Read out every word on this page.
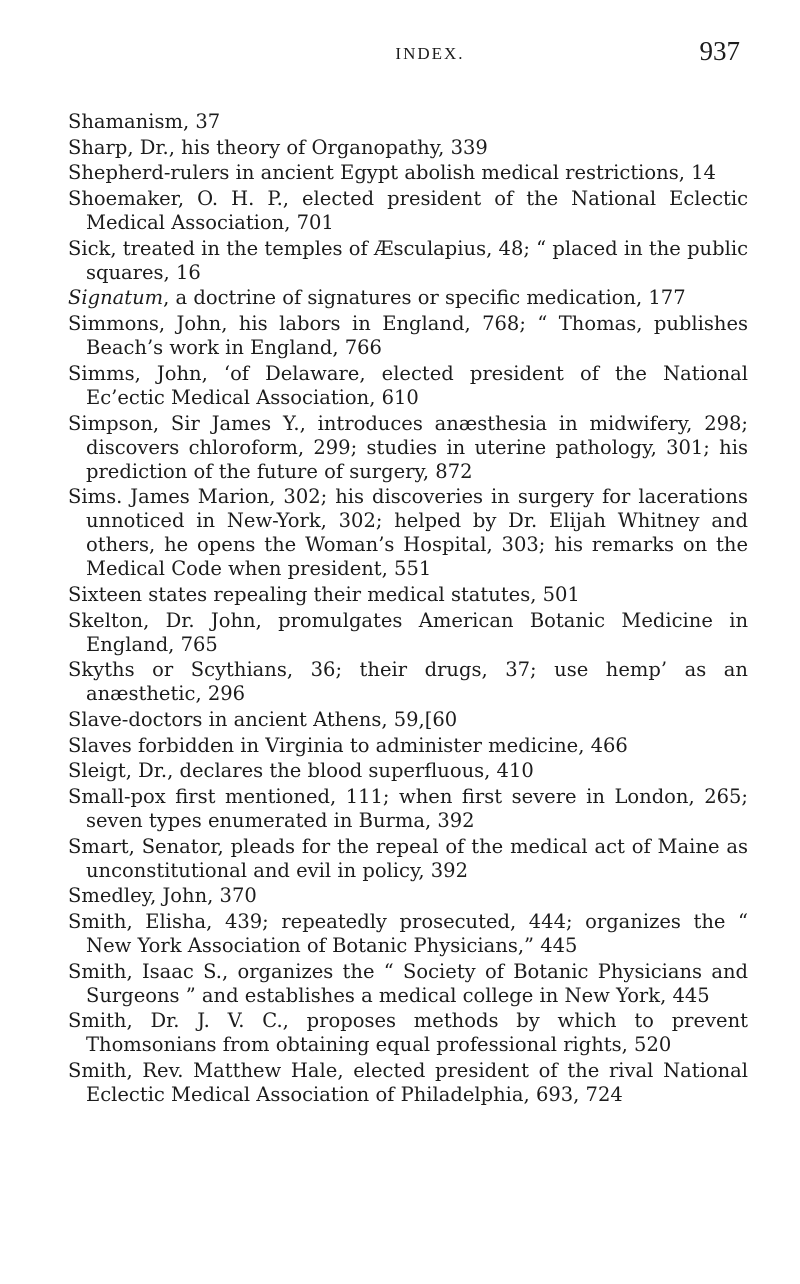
INDEX.	937
Shamanism, 37
Sharp, Dr., his theory of Organopathy, 339
Shepherd-rulers in ancient Egypt abolish medical restrictions, 14
Shoemaker, O. H. P., elected president of the National Eclectic Medical Association, 701
Sick, treated in the temples of Æsculapius, 48; “ placed in the public squares, 16
Signatum, a doctrine of signatures or specific medication, 177
Simmons, John, his labors in England, 768; “ Thomas, publishes Beach’s work in England, 766
Simms, John, ‘of Delaware, elected president of the National Ec’ectic Medical Association, 610
Simpson, Sir James Y., introduces anæsthesia in midwifery, 298; discovers chloroform, 299; studies in uterine pathology, 301; his prediction of the future of surgery, 872
Sims. James Marion, 302; his discoveries in surgery for lacerations unnoticed in New-York, 302; helped by Dr. Elijah Whitney and others, he opens the Woman’s Hospital, 303; his remarks on the Medical Code when president, 551
Sixteen states repealing their medical statutes, 501
Skelton, Dr. John, promulgates American Botanic Medicine in England, 765
Skyths or Scythians, 36; their drugs, 37; use hemp’ as an anæsthetic, 296
Slave-doctors in ancient Athens, 59,[60
Slaves forbidden in Virginia to administer medicine, 466
Sleigt, Dr., declares the blood superfluous, 410
Small-pox first mentioned, 111; when first severe in London, 265; seven types enumerated in Burma, 392
Smart, Senator, pleads for the repeal of the medical act of Maine as unconstitutional and evil in policy, 392
Smedley, John, 370
Smith, Elisha, 439; repeatedly prosecuted, 444; organizes the “ New York Association of Botanic Physicians,” 445
Smith, Isaac S., organizes the “ Society of Botanic Physicians and Surgeons ” and establishes a medical college in New York, 445
Smith, Dr. J. V. C., proposes methods by which to prevent Thomsonians from obtaining equal professional rights, 520
Smith, Rev. Matthew Hale, elected president of the rival National Eclectic Medical Association of Philadelphia, 693, 724
